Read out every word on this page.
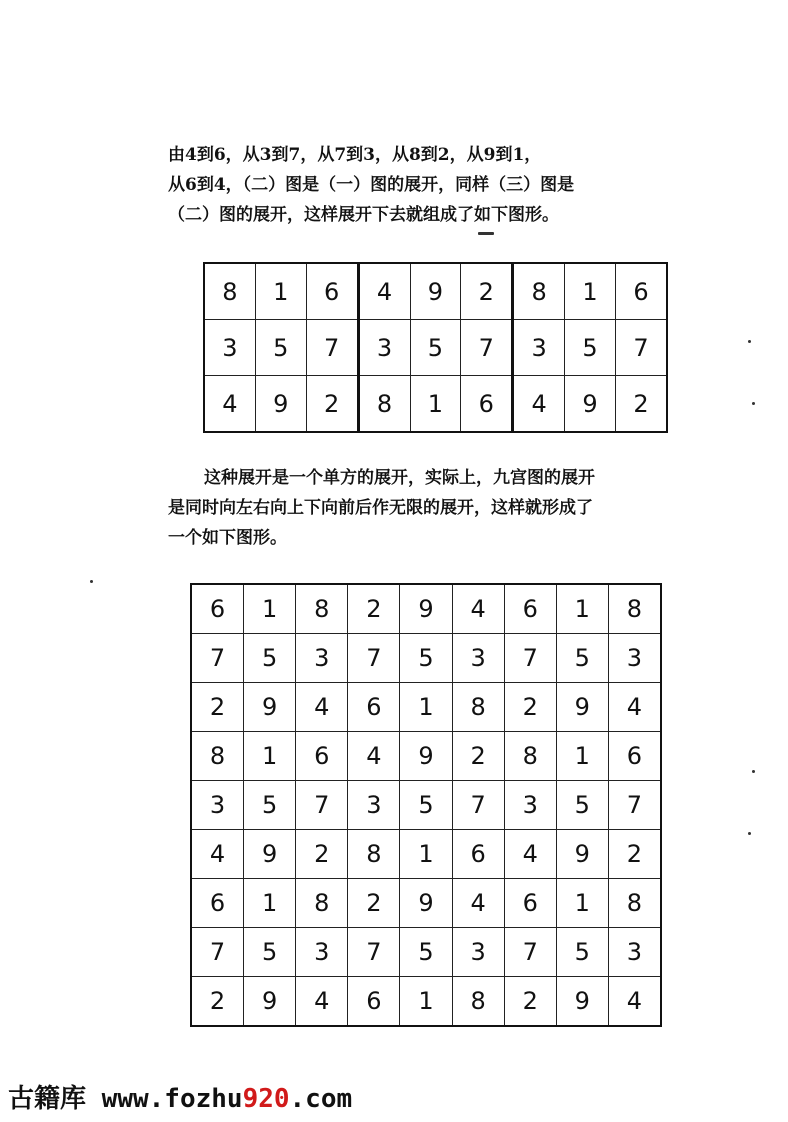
由4到6，从3到7，从7到3，从8到2，从9到1，
从6到4，（二）图是（一）图的展开，同样（三）图是
（二）图的展开，这样展开下去就组成了如下图形。
8	1	6	4	9	2	8	1	6
3	5	7	3	5	7	3	5	7
4	9	2	8	1	6	4	9	2
这种展开是一个单方的展开，实际上，九宫图的展开
是同时向左右向上下向前后作无限的展开，这样就形成了
一个如下图形。
6	1	8	2	9	4	6	1	8
7	5	3	7	5	3	7	5	3
2	9	4	6	1	8	2	9	4
8	1	6	4	9	2	8	1	6
3	5	7	3	5	7	3	5	7
4	9	2	8	1	6	4	9	2
6	1	8	2	9	4	6	1	8
7	5	3	7	5	3	7	5	3
2	9	4	6	1	8	2	9	4
古籍库 www.fozhu920.com
